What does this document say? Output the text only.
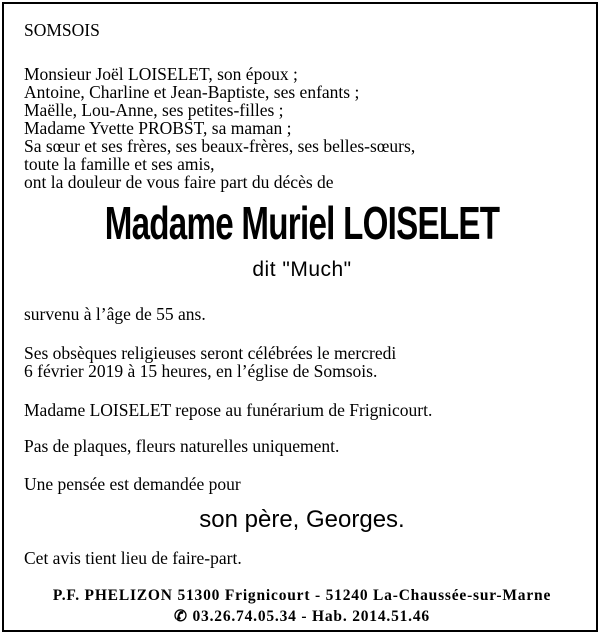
SOMSOIS
Monsieur Joël LOISELET, son époux ;
Antoine, Charline et Jean-Baptiste, ses enfants ;
Maëlle, Lou-Anne, ses petites-filles ;
Madame Yvette PROBST, sa maman ;
Sa sœur et ses frères, ses beaux-frères, ses belles-sœurs,
toute la famille et ses amis,
ont la douleur de vous faire part du décès de
Madame Muriel LOISELET
dit "Much"
survenu à l’âge de 55 ans.
Ses obsèques religieuses seront célébrées le mercredi
6 février 2019 à 15 heures, en l’église de Somsois.
Madame LOISELET repose au funérarium de Frignicourt.
Pas de plaques, fleurs naturelles uniquement.
Une pensée est demandée pour
son père, Georges.
Cet avis tient lieu de faire-part.
P.F. PHELIZON 51300 Frignicourt - 51240 La-Chaussée-sur-Marne
✆ 03.26.74.05.34 - Hab. 2014.51.46
